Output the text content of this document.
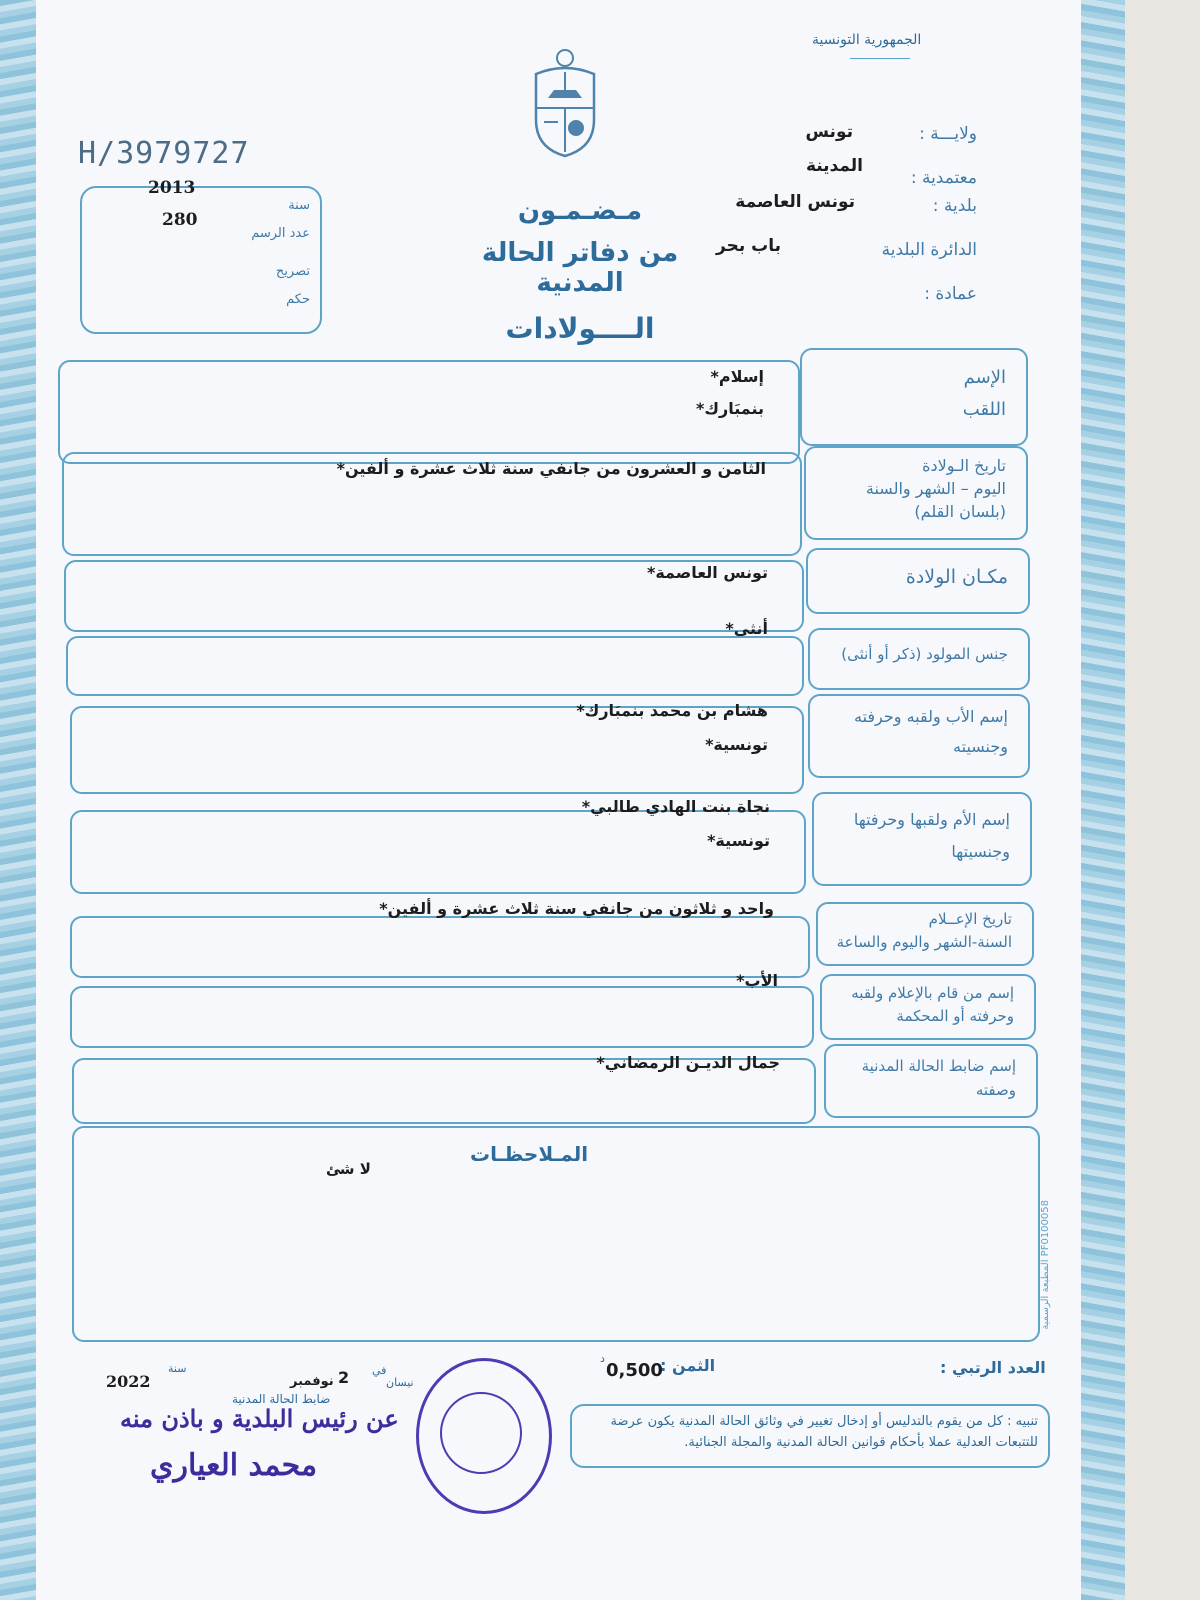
الجمهورية التونسية
H/3979727
سنة
2013
عدد الرسم
280
تصريح
حكم
مـضـمـون
من دفاتر الحالة المدنية
الــــولادات
ولايـــة :
تونس
معتمدية :
المدينة
بلدية :
تونس العاصمة
الدائرة البلدية
باب بحر
عمادة :
الإسم
اللقب
إسلام*
بنمبَارك*
تاريخ الـولادة
اليوم – الشهر والسنة
(بلسان القلم)
الثامن و العشرون من جانفي سنة ثلاث عشرة و ألفين*
مكـان الولادة
تونس العاصمة*
جنس المولود (ذكر أو أنثى)
أنثى*
إسم الأب ولقبه وحرفته
وجنسيته
هشام بن محمد بنمبَارك*
تونسية*
إسم الأم ولقبها وحرفتها
وجنسيتها
نجاة بنت الهادي طالبي*
تونسية*
تاريخ الإعــلام
السنة-الشهر واليوم والساعة
واحد و ثلاثون من جانفي سنة ثلاث عشرة و ألفين*
إسم من قام بالإعلام ولقبه
وحرفته أو المحكمة
الأب*
إسم ضابط الحالة المدنية
وصفته
جمال الديـن الرمضاني*
المـلاحظـات
لا شئ
المطبعة الرسمية PF0100058
العدد الرتبي :
الثمن :
0,500
د
في
2
نوفمبر	نيسان
سنة
2022
ضابط الحالة المدنية
عن رئيس البلدية و باذن منه
محمد العياري
تنبيه : كل من يقوم بالتدليس أو إدخال تغيير في وثائق الحالة المدنية يكون عرضة للتتبعات العدلية عملا بأحكام قوانين الحالة المدنية والمجلة الجنائية.
